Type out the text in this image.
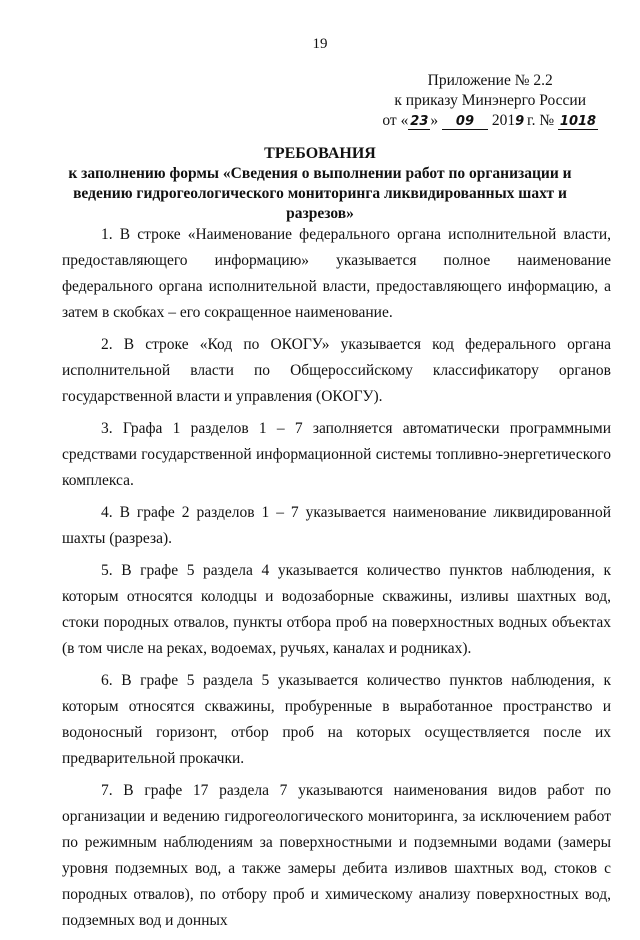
19
Приложение № 2.2
к приказу Минэнерго России
от « 23 » 09 2019 г. № 1018
ТРЕБОВАНИЯ
к заполнению формы «Сведения о выполнении работ по организации и ведению гидрогеологического мониторинга ликвидированных шахт и разрезов»

1. В строке «Наименование федерального органа исполнительной власти, предоставляющего информацию» указывается полное наименование федерального органа исполнительной власти, предоставляющего информацию, а затем в скобках – его сокращенное наименование.

2. В строке «Код по ОКОГУ» указывается код федерального органа исполнительной власти по Общероссийскому классификатору органов государственной власти и управления (ОКОГУ).

3. Графа 1 разделов 1 – 7 заполняется автоматически программными средствами государственной информационной системы топливно-энергетического комплекса.

4. В графе 2 разделов 1 – 7 указывается наименование ликвидированной шахты (разреза).

5. В графе 5 раздела 4 указывается количество пунктов наблюдения, к которым относятся колодцы и водозаборные скважины, изливы шахтных вод, стоки породных отвалов, пункты отбора проб на поверхностных водных объектах (в том числе на реках, водоемах, ручьях, каналах и родниках).

6. В графе 5 раздела 5 указывается количество пунктов наблюдения, к которым относятся скважины, пробуренные в выработанное пространство и водоносный горизонт, отбор проб на которых осуществляется после их предварительной прокачки.

7. В графе 17 раздела 7 указываются наименования видов работ по организации и ведению гидрогеологического мониторинга, за исключением работ по режимным наблюдениям за поверхностными и подземными водами (замеры уровня подземных вод, а также замеры дебита изливов шахтных вод, стоков с породных отвалов), по отбору проб и химическому анализу поверхностных вод, подземных вод и донных
